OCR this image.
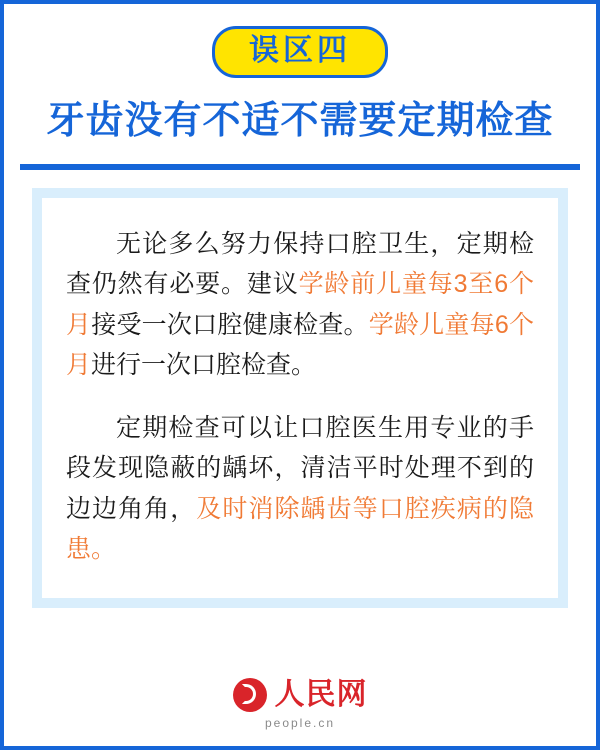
误区四
牙齿没有不适不需要定期检查

无论多么努力保持口腔卫生，定期检查仍然有必要。建议学龄前儿童每3至6个月接受一次口腔健康检查。学龄儿童每6个月进行一次口腔检查。

定期检查可以让口腔医生用专业的手段发现隐蔽的龋坏，清洁平时处理不到的边边角角，及时消除龋齿等口腔疾病的隐患。

人民网
people.cn
